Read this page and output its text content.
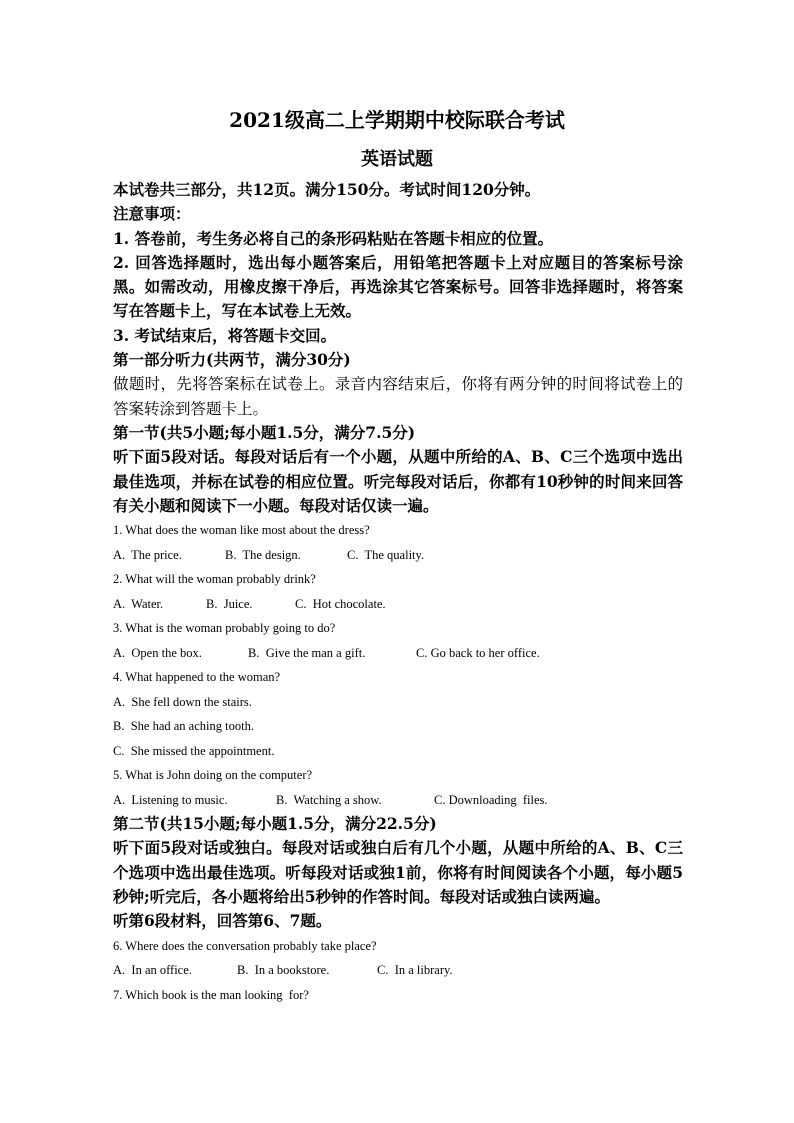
2021级高二上学期期中校际联合考试
英语试题
本试卷共三部分，共12页。满分150分。考试时间120分钟。
注意事项：
1. 答卷前，考生务必将自己的条形码粘贴在答题卡相应的位置。
2. 回答选择题时，选出每小题答案后，用铅笔把答题卡上对应题目的答案标号涂黑。如需改动，用橡皮擦干净后，再选涂其它答案标号。回答非选择题时，将答案写在答题卡上，写在本试卷上无效。
3. 考试结束后，将答题卡交回。
第一部分听力(共两节，满分30分)
做题时，先将答案标在试卷上。录音内容结束后，你将有两分钟的时间将试卷上的答案转涂到答题卡上。
第一节(共5小题;每小题1.5分，满分7.5分)
听下面5段对话。每段对话后有一个小题，从题中所给的A、B、C三个选项中选出最佳选项，并标在试卷的相应位置。听完每段对话后，你都有10秒钟的时间来回答有关小题和阅读下一小题。每段对话仅读一遍。
1. What does the woman like most about the dress?
A.  The price.	B.  The design.	C.  The quality.
2. What will the woman probably drink?
A.  Water.	B.  Juice.	C.  Hot chocolate.
3. What is the woman probably going to do?
A.  Open the box.	B.  Give the man a gift.	C. Go back to her office.
4. What happened to the woman?
A.  She fell down the stairs.
B.  She had an aching tooth.
C.  She missed the appointment.
5. What is John doing on the computer?
A.  Listening to music.	B.  Watching a show.	C. Downloading  files.
第二节(共15小题;每小题1.5分，满分22.5分)
听下面5段对话或独白。每段对话或独白后有几个小题，从题中所给的A、B、C三个选项中选出最佳选项。听每段对话或独1前，你将有时间阅读各个小题，每小题5秒钟;听完后，各小题将给出5秒钟的作答时间。每段对话或独白读两遍。
听第6段材料，回答第6、7题。
6. Where does the conversation probably take place?
A.  In an office.	B.  In a bookstore.	C.  In a library.
7. Which book is the man looking  for?
